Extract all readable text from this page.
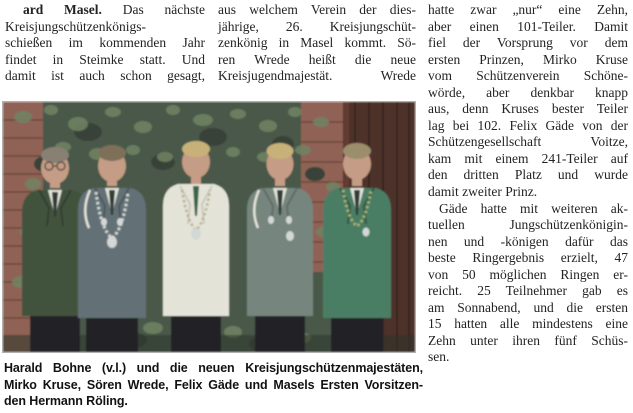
ard Masel. Das nächste
Kreisjungschützenkönigs-
schießen im kommenden Jahr
findet in Steimke statt. Und
damit ist auch schon gesagt,
aus welchem Verein der dies-
jährige, 26. Kreisjungschüt-
zenkönig in Masel kommt. Sö-
ren Wrede heißt die neue
Kreisjugendmajestät. Wrede
hatte zwar „nur“ eine Zehn,
aber einen 101-Teiler. Damit
fiel der Vorsprung vor dem
ersten Prinzen, Mirko Kruse
vom Schützenverein Schöne-
wörde, aber denkbar knapp
aus, denn Kruses bester Teiler
lag bei 102. Felix Gäde von der
Schützengesellschaft Voitze,
kam mit einem 241-Teiler auf
den dritten Platz und wurde
damit zweiter Prinz.
Gäde hatte mit weiteren ak-
tuellen Jungschützenkönigin-
nen und -königen dafür das
beste Ringergebnis erzielt, 47
von 50 möglichen Ringen er-
reicht. 25 Teilnehmer gab es
am Sonnabend, und die ersten
15 hatten alle mindestens eine
Zehn unter ihren fünf Schüs-
sen.
Harald Bohne (v.l.) und die neuen Kreisjungschützenmajestäten,
Mirko Kruse, Sören Wrede, Felix Gäde und Masels Ersten Vorsitzen-
den Hermann Röling.
